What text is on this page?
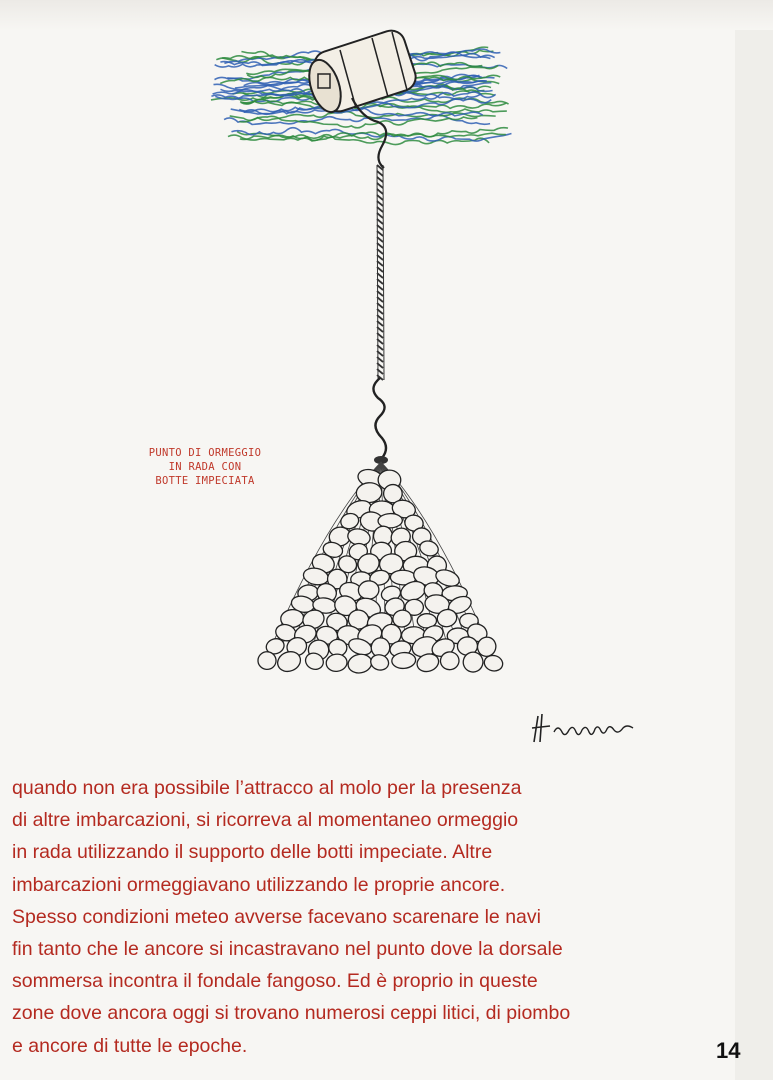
PUNTO DI ORMEGGIO
IN RADA CON
BOTTE IMPECIATA
quando non era possibile l’attracco al molo per la presenza
di altre imbarcazioni, si ricorreva al momentaneo ormeggio
in rada utilizzando il supporto delle botti impeciate. Altre
imbarcazioni ormeggiavano utilizzando le proprie ancore.
Spesso condizioni meteo avverse facevano scarenare le navi
fin tanto che le ancore si incastravano nel punto dove la dorsale
sommersa incontra il fondale fangoso. Ed è proprio in queste
zone dove ancora oggi si trovano numerosi ceppi litici, di piombo
e ancore di tutte le epoche.	14
